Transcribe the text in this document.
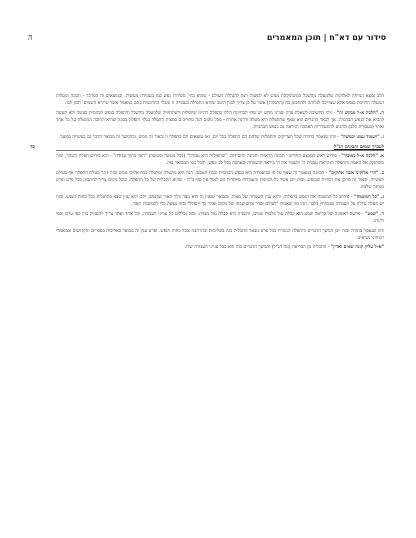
ה	סידור עם דא"ח | תוכן המאמרים

הלב נמצא המיחה לאלוקות שלמעלה מהשכל המשתוקקת ממש לא לעשות רצון להנהלת העולם - שהוא בחי' מסירות נפש כמו בעמידה מעשית. ובמוצאים זה המדבר - תכונה ומעלות המעלה החייבת בנפש אלא שצריכה לגלותה ולהתבונן בה (התגלות) אשר על כן צריך לכוון היטב שהיא התפילה בעבודה זו ומבלי התרגשות בהם כמאמר אשר ש'ירא השמים' תכון לבו.

ה. "הלכה א-ל מבקש זה" - זוהי התשובה לשאלת פרק שמ'נו מדוע יש שתי הבחינות הללו בתפלה דהיינו שתפלות השתחוויה שלמעלה מהשכל והתפלה בנפש הבהמית בעשה ולא תעשה להביא את הנפש הבהמית. אך לבאר הדברים הוא שאף שהתפלה היא מעלה ודרגה אחרת - מכל מקום הנה מחוייבים במצות התפלה בגלוי ותפלה בכונה שהיא החובה המוטלת על כל אחד ואחד (בעבודת הלב) ולהגיע להתעוררות האהבה והיראה גם בנפש הבהמית.

ו. "ויעמוד עמנו ובמשה" - וזהו שנאמר בתורה שכל הצדיקים והתפלות שלהם הם התפלה בכל יום, ואז נמצאים הם בתפלה זו ובאור זה ממש, ובהמשך זה מבואר הדבר גם בעשייה בפועל.

לעבדך שמים והבינים הג"ל
סד

א. "הלבה א-ל כמוכיר" - פירוש ראש המבצע החודש - תכונה הראויה ותכונה החסידות. "שתפילות היא עבודה" (בכל מעשה ומעשה) "ראוי בתוך עבודה" - הוא פירוש תפלת השחר, ובזה משתוקק אל האמת והתפלה הנקראת עבודת ה' ולעבוד את ה' ביראה ובשמחה ובאהבה בכל לב ונפש, והכל כפי המבואר בזה.

ב. "הרי אלוקינו אשר אלוקים" - הכוונה במאמר זה שאף על פי שהעבודה היא בנפש הבהמית ובכח הטבעי, הנה היא מתעלה ומתגלה בכח אלוקי ממש ובזה ניכר מעלת התפלה אף בעולם העשייה, ובאור זה מתקן את המדות שבנפש. ובזה יובן אשר כל הכוונות והעבודות מיוחדות הם לאור אין סוף ב"ה - שהוא התכלית של כל התפלה. ומכל מקום צריך להתבונן בכל פרט ופרט בכוונה שלמה.

ג. "כל המשמח" - פירוש כל המשמח את הנפש בתפלתו, והוא ענין השמחה של מצוה, ומבואר שענין זה הוא מצד גילוי האור שבנפש, ולכן הוא ענין שבא בהתגלות בכל כחות הנפש. ובזה יש מעלה גדולה על העבודה שבמוחין בלבד. וזהו מה שאמרו "לעולם יסדר אדם שבחו של מקום ואחר כך יתפלל" ובזה נעשה כלי להמשכת האור.

ד. "שמע" - פרשה ראשונה של קריאת שמע הוא קבלת עול מלכות שמים, והשניה היא קבלת עול מצוות, ובזה נכללים כל ענייני העבודה, וכל אחד ואחד צריך להעמיק בזה כפי ערכו וכפי דרגתו.

וזהו שנאמר בתורה ובזה יובן המשך הדברים והתפלה הנזכרת בכל פרט מבאר התכלית בזה בשלימות ובהרחבה ובכל כחות הנפש. ופרט ענין זה מבואר באריכות בספרים והקדושים ובמאמרי רבותינו נשיאינו.

"א-ל עליון קונה שמים וארץ" - התכלית מן הבריאה (ונה הנ"ל) והמשך הדברים בזה הוא בכל ענייני העבודה שלו.
